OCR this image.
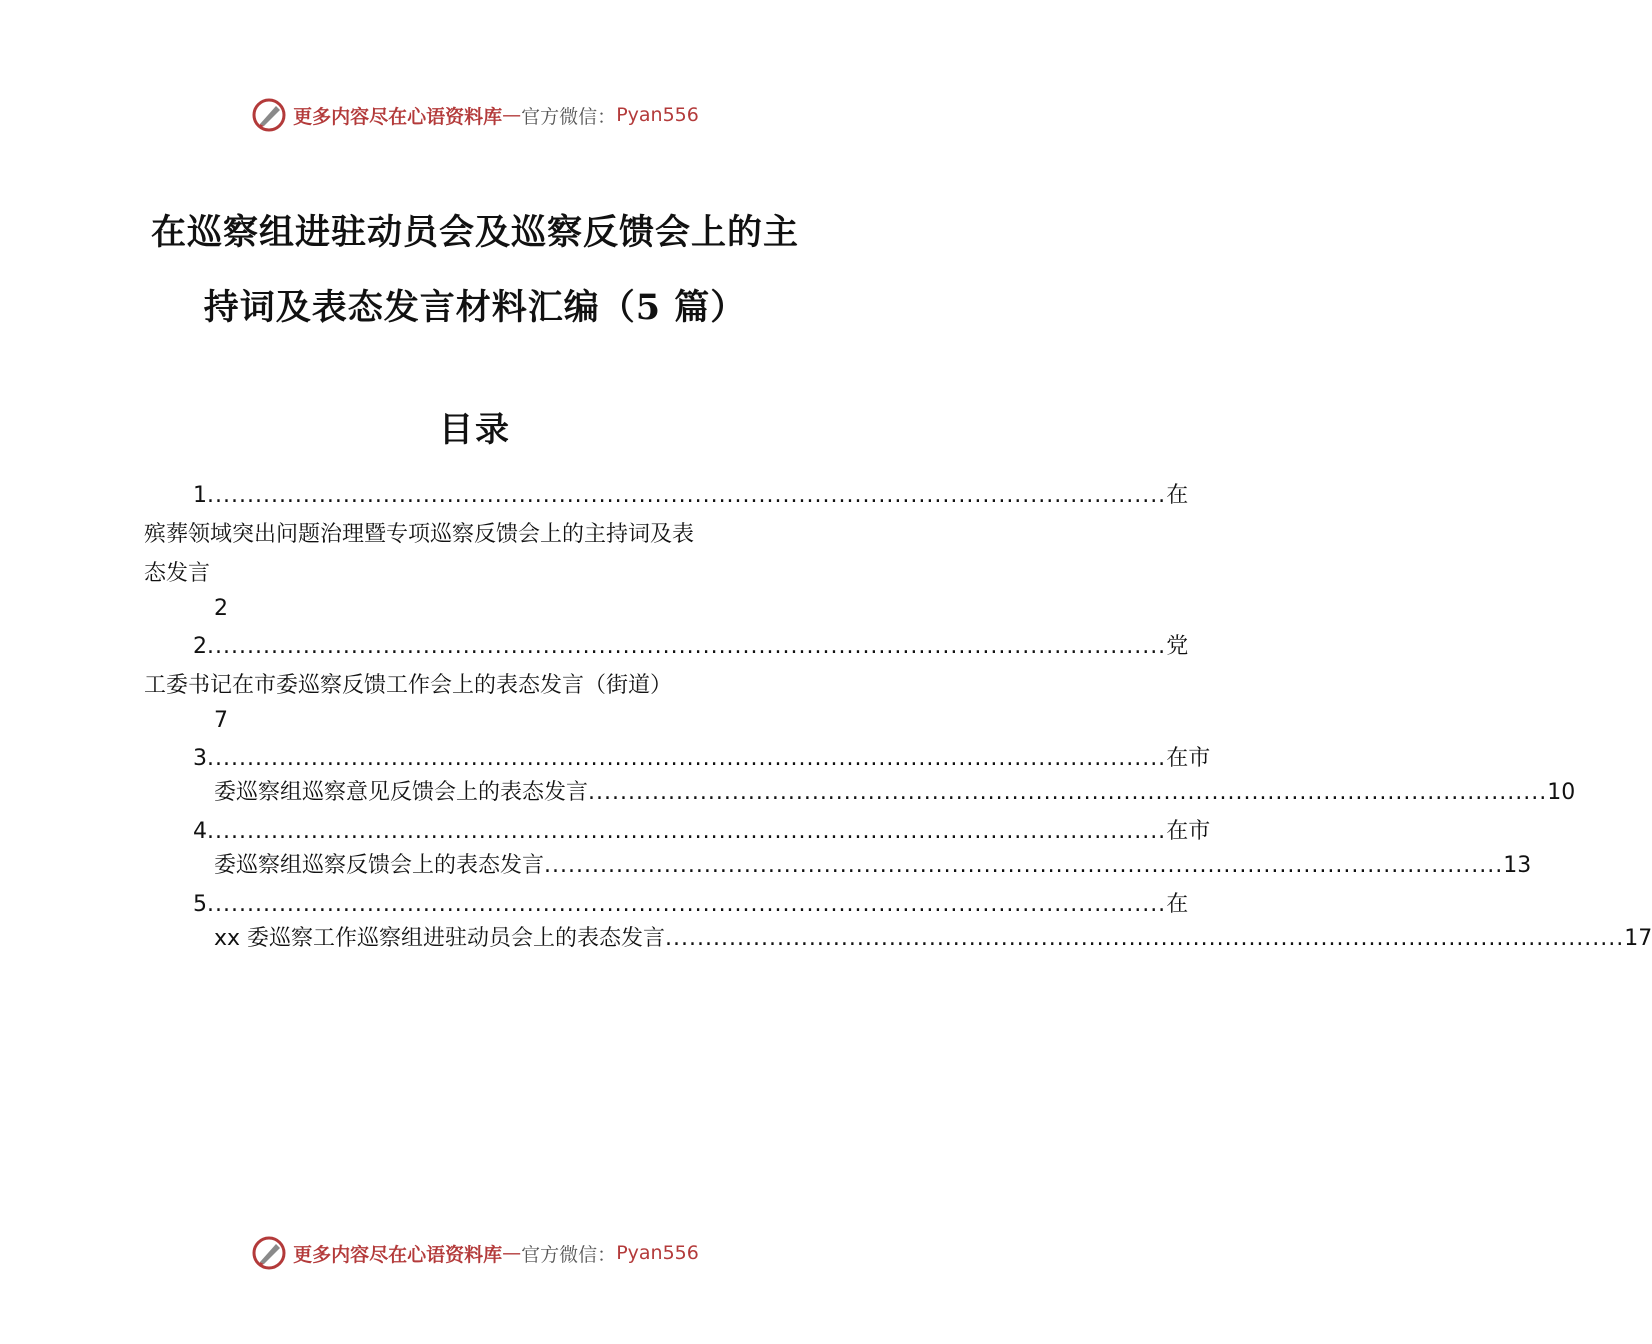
更多内容尽在心语资料库 — 官方微信： Pyan556
在巡察组进驻动员会及巡察反馈会上的主
持词及表态发言材料汇编（5 篇）
目录
1 ........................................................................................................................ 在
殡葬领域突出问题治理暨专项巡察反馈会上的主持词及表
态发言
2
2 ........................................................................................................................ 党
工委书记在市委巡察反馈工作会上的表态发言（街道）
7
3 ........................................................................................................................ 在市
委巡察组巡察意见反馈会上的表态发言 ........................................................................................................................ 10
4 ........................................................................................................................ 在市
委巡察组巡察反馈会上的表态发言 ........................................................................................................................ 13
5 ........................................................................................................................ 在
xx 委巡察工作巡察组进驻动员会上的表态发言 ........................................................................................................................ 17
更多内容尽在心语资料库 — 官方微信： Pyan556
